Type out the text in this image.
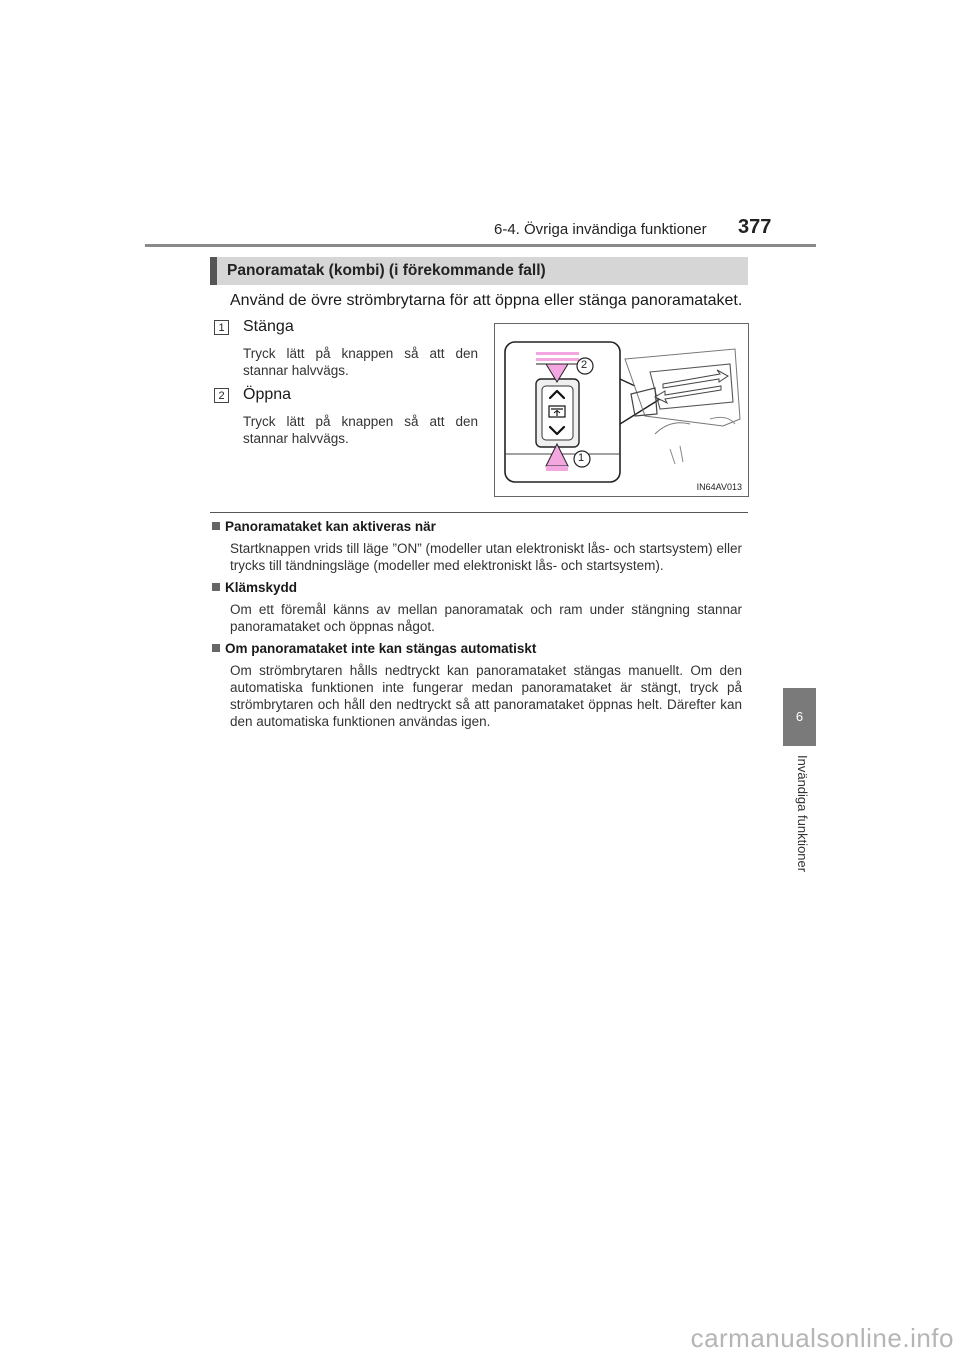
6-4. Övriga invändiga funktioner 377
6
Invändiga funktioner
Panoramatak (kombi) (i förekommande fall)
Använd de övre strömbrytarna för att öppna eller stänga panoramataket.
1 Stänga
Tryck lätt på knappen så att den stannar halvvägs.
2 Öppna
Tryck lätt på knappen så att den stannar halvvägs.
2
1
IN64AV013
Panoramataket kan aktiveras när
Startknappen vrids till läge ”ON” (modeller utan elektroniskt lås- och startsystem) eller trycks till tändningsläge (modeller med elektroniskt lås- och startsystem).
Klämskydd
Om ett föremål känns av mellan panoramatak och ram under stängning stannar panoramataket och öppnas något.
Om panoramataket inte kan stängas automatiskt
Om strömbrytaren hålls nedtryckt kan panoramataket stängas manuellt. Om den automatiska funktionen inte fungerar medan panoramataket är stängt, tryck på strömbrytaren och håll den nedtryckt så att panoramataket öppnas helt. Därefter kan den automatiska funktionen användas igen.
carmanualsonline.info
